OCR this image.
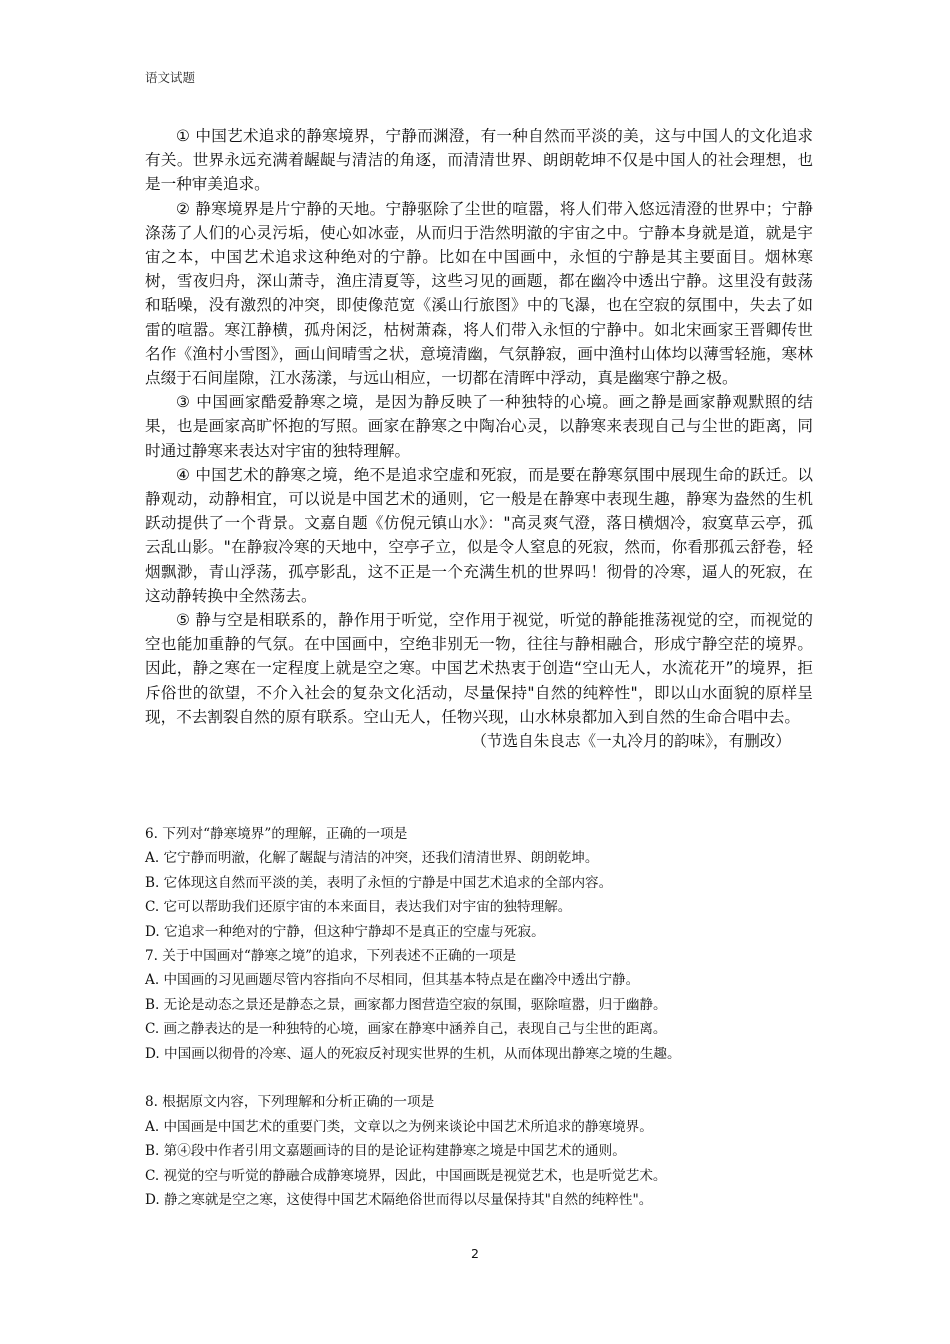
语文试题

① 中国艺术追求的静寒境界，宁静而渊澄，有一种自然而平淡的美，这与中国人的文化追求有关。世界永远充满着龌龊与清洁的角逐，而清清世界、朗朗乾坤不仅是中国人的社会理想，也是一种审美追求。

② 静寒境界是片宁静的天地。宁静驱除了尘世的喧嚣，将人们带入悠远清澄的世界中；宁静涤荡了人们的心灵污垢，使心如冰壶，从而归于浩然明澈的宇宙之中。宁静本身就是道，就是宇宙之本，中国艺术追求这种绝对的宁静。比如在中国画中，永恒的宁静是其主要面目。烟林寒树，雪夜归舟，深山萧寺，渔庄清夏等，这些习见的画题，都在幽冷中透出宁静。这里没有鼓荡和聒噪，没有激烈的冲突，即使像范宽《溪山行旅图》中的飞瀑，也在空寂的氛围中，失去了如雷的喧嚣。寒江静横，孤舟闲泛，枯树萧森，将人们带入永恒的宁静中。如北宋画家王晋卿传世名作《渔村小雪图》，画山间晴雪之状，意境清幽，气氛静寂，画中渔村山体均以薄雪轻施，寒林点缀于石间崖隙，江水荡漾，与远山相应，一切都在清晖中浮动，真是幽寒宁静之极。

③ 中国画家酷爱静寒之境，是因为静反映了一种独特的心境。画之静是画家静观默照的结果，也是画家高旷怀抱的写照。画家在静寒之中陶冶心灵，以静寒来表现自己与尘世的距离，同时通过静寒来表达对宇宙的独特理解。

④ 中国艺术的静寒之境，绝不是追求空虚和死寂，而是要在静寒氛围中展现生命的跃迁。以静观动，动静相宜，可以说是中国艺术的通则，它一般是在静寒中表现生趣，静寒为盎然的生机跃动提供了一个背景。文嘉自题《仿倪元镇山水》："高灵爽气澄，落日横烟冷，寂寞草云亭，孤云乱山影。"在静寂冷寒的天地中，空亭孑立，似是令人窒息的死寂，然而，你看那孤云舒卷，轻烟飘渺，青山浮荡，孤亭影乱，这不正是一个充满生机的世界吗！彻骨的冷寒，逼人的死寂，在这动静转换中全然荡去。

⑤ 静与空是相联系的，静作用于听觉，空作用于视觉，听觉的静能推荡视觉的空，而视觉的空也能加重静的气氛。在中国画中，空绝非别无一物，往往与静相融合，形成宁静空茫的境界。因此，静之寒在一定程度上就是空之寒。中国艺术热衷于创造“空山无人，水流花开”的境界，拒斥俗世的欲望，不介入社会的复杂文化活动，尽量保持"自然的纯粹性"，即以山水面貌的原样呈现，不去割裂自然的原有联系。空山无人，任物兴现，山水林泉都加入到自然的生命合唱中去。

（节选自朱良志《一丸冷月的韵味》，有删改）

6. 下列对“静寒境界”的理解，正确的一项是
A. 它宁静而明澈，化解了龌龊与清洁的冲突，还我们清清世界、朗朗乾坤。
B. 它体现这自然而平淡的美，表明了永恒的宁静是中国艺术追求的全部内容。
C. 它可以帮助我们还原宇宙的本来面目，表达我们对宇宙的独特理解。
D. 它追求一种绝对的宁静，但这种宁静却不是真正的空虚与死寂。
7. 关于中国画对“静寒之境”的追求，下列表述不正确的一项是
A. 中国画的习见画题尽管内容指向不尽相同，但其基本特点是在幽冷中透出宁静。
B. 无论是动态之景还是静态之景，画家都力图营造空寂的氛围，驱除喧嚣，归于幽静。
C. 画之静表达的是一种独特的心境，画家在静寒中涵养自己，表现自己与尘世的距离。
D. 中国画以彻骨的冷寒、逼人的死寂反衬现实世界的生机，从而体现出静寒之境的生趣。
8. 根据原文内容，下列理解和分析正确的一项是
A. 中国画是中国艺术的重要门类，文章以之为例来谈论中国艺术所追求的静寒境界。
B. 第④段中作者引用文嘉题画诗的目的是论证构建静寒之境是中国艺术的通则。
C. 视觉的空与听觉的静融合成静寒境界，因此，中国画既是视觉艺术，也是听觉艺术。
D. 静之寒就是空之寒，这使得中国艺术隔绝俗世而得以尽量保持其"自然的纯粹性"。
2
